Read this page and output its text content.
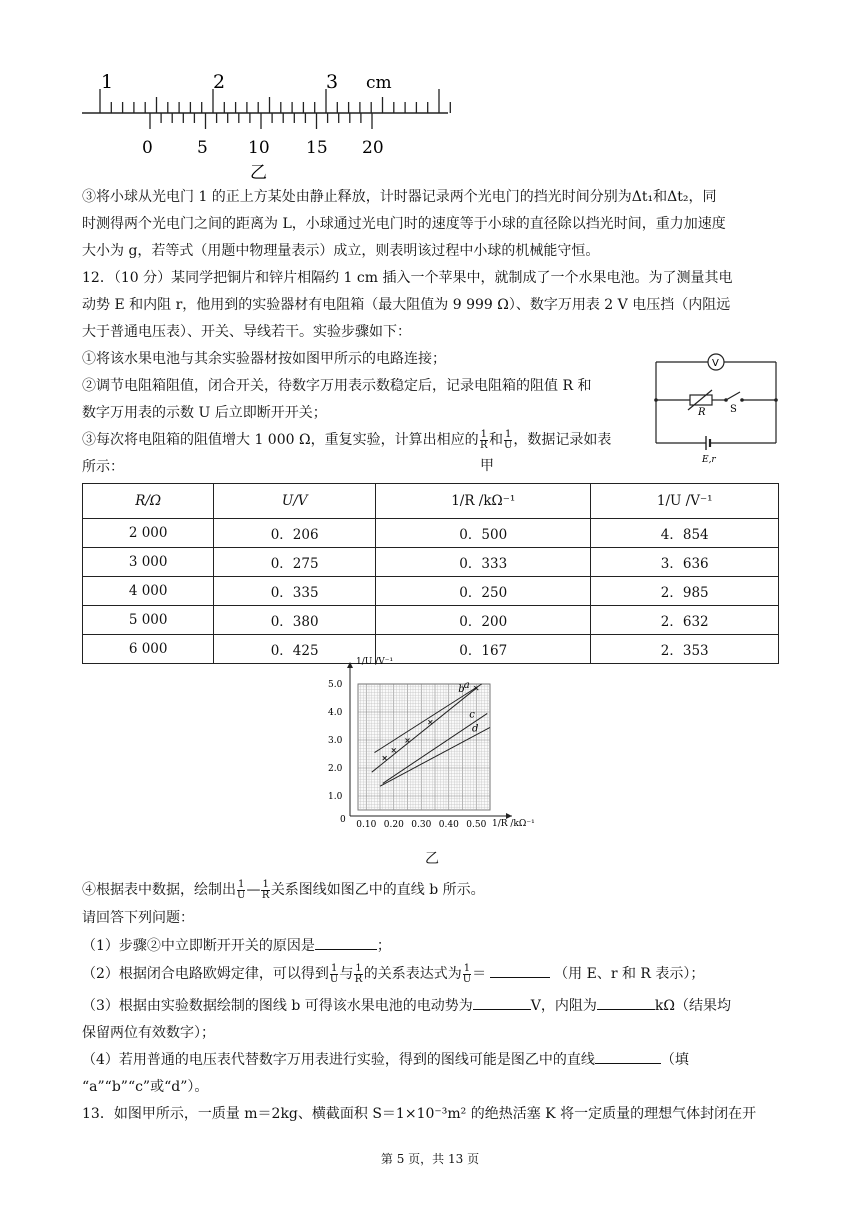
1	2	3 cm
0	5 10 15 20
乙
③将小球从光电门 1 的正上方某处由静止释放，计时器记录两个光电门的挡光时间分别为Δt₁和Δt₂，同
时测得两个光电门之间的距离为 L，小球通过光电门时的速度等于小球的直径除以挡光时间，重力加速度
大小为 g，若等式（用题中物理量表示）成立，则表明该过程中小球的机械能守恒。
12．（10 分）某同学把铜片和锌片相隔约 1 cm 插入一个苹果中，就制成了一个水果电池。为了测量其电
动势 E 和内阻 r，他用到的实验器材有电阻箱（最大阻值为 9 999 Ω）、数字万用表 2 V 电压挡（内阻远
大于普通电压表）、开关、导线若干。实验步骤如下：
①将该水果电池与其余实验器材按如图甲所示的电路连接；
②调节电阻箱阻值，闭合开关，待数字万用表示数稳定后，记录电阻箱的阻值 R 和
数字万用表的示数 U 后立即断开开关；
③每次将电阻箱的阻值增大 1 000 Ω，重复实验，计算出相应的 $\frac{1}{R}$ 和 $\frac{1}{U}$ ，数据记录如表
所示：
V
R S
E,r
甲
R/Ω	U/V	1/R /kΩ⁻¹	1/U /V⁻¹
2 000	0．206	0．500	4．854
3 000	0．275	0．333	3．636
4 000	0．335	0．250	2．985
5 000	0．380	0．200	2．632
6 000	0．425	0．167	2．353
a
b
c
d
0.10 0.20 0.30 0.40 0.50
1.0
2.0
3.0
4.0
5.0
1/U /V⁻¹
1/R /kΩ⁻¹
0
乙
④根据表中数据，绘制出 $\frac{1}{U}$ — $\frac{1}{R}$ 关系图线如图乙中的直线 b 所示。
请回答下列问题：
（1）步骤②中立即断开开关的原因是	；
（2）根据闭合电路欧姆定律，可以得到 $\frac{1}{U}$ 与 $\frac{1}{R}$ 的关系表达式为 $\frac{1}{U}$ ＝	（用 E、r 和 R 表示）；
（3）根据由实验数据绘制的图线 b 可得该水果电池的电动势为	V，内阻为	kΩ（结果均
保留两位有效数字）；
（4）若用普通的电压表代替数字万用表进行实验，得到的图线可能是图乙中的直线	（填
“a”“b”“c”或“d”）。
13．如图甲所示，一质量 m＝2kg、横截面积 S＝1×10⁻³m² 的绝热活塞 K 将一定质量的理想气体封闭在开
第 5 页，共 13 页
